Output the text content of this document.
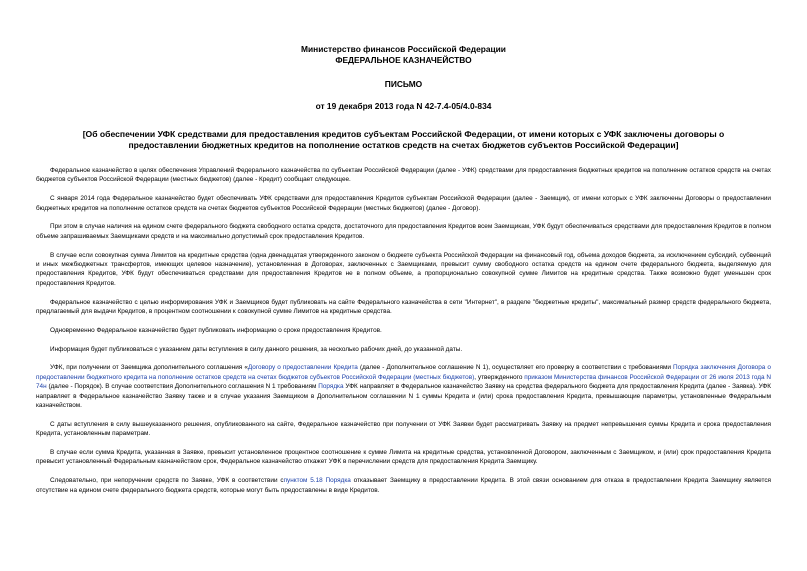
Министерство финансов Российской Федерации
ФЕДЕРАЛЬНОЕ КАЗНАЧЕЙСТВО
ПИСЬМО
от 19 декабря 2013 года N 42-7.4-05/4.0-834
[Об обеспечении УФК средствами для предоставления кредитов субъектам Российской Федерации, от имени которых с УФК заключены договоры о предоставлении бюджетных кредитов на пополнение остатков средств на счетах бюджетов субъектов Российской Федерации]

Федеральное казначейство в целях обеспечения Управлений Федерального казначейства по субъектам Российской Федерации (далее - УФК) средствами для предоставления бюджетных кредитов на пополнение остатков средств на счетах бюджетов субъектов Российской Федерации (местных бюджетов) (далее - Кредит) сообщает следующее.

С января 2014 года Федеральное казначейство будет обеспечивать УФК средствами для предоставления Кредитов субъектам Российской Федерации (далее - Заемщик), от имени которых с УФК заключены Договоры о предоставлении бюджетных кредитов на пополнение остатков средств на счетах бюджетов субъектов Российской Федерации (местных бюджетов) (далее - Договор).

При этом в случае наличия на едином счете федерального бюджета свободного остатка средств, достаточного для предоставления Кредитов всем Заемщикам, УФК будут обеспечиваться средствами для предоставления Кредитов в полном объеме запрашиваемых Заемщиками средств и на максимально допустимый срок предоставления Кредитов.

В случае если совокупная сумма Лимитов на кредитные средства (одна двенадцатая утвержденного законом о бюджете субъекта Российской Федерации на финансовый год, объема доходов бюджета, за исключением субсидий, субвенций и иных межбюджетных трансфертов, имеющих целевое назначение), установленная в Договорах, заключенных с Заемщиками, превысит сумму свободного остатка средств на едином счете федерального бюджета, выделяемую для предоставления Кредитов, УФК будут обеспечиваться средствами для предоставления Кредитов не в полном объеме, а пропорционально совокупной сумме Лимитов на кредитные средства. Также возможно будет уменьшен срок предоставления Кредитов.

Федеральное казначейство с целью информирования УФК и Заемщиков будет публиковать на сайте Федерального казначейства в сети "Интернет", в разделе "бюджетные кредиты", максимальный размер средств федерального бюджета, предлагаемый для выдачи Кредитов, в процентном соотношении к совокупной сумме Лимитов на кредитные средства.

Одновременно Федеральное казначейство будет публиковать информацию о сроке предоставления Кредитов.

Информация будет публиковаться с указанием даты вступления в силу данного решения, за несколько рабочих дней, до указанной даты.

УФК, при получении от Заемщика дополнительного соглашения «Договору о предоставлении Кредита (далее - Дополнительное соглашение N 1), осуществляет его проверку в соответствии с требованиями Порядка заключения Договора о предоставлении бюджетного кредита на пополнение остатков средств на счетах бюджетов субъектов Российской Федерации (местных бюджетов), утвержденного приказом Министерства финансов Российской Федерации от 26 июля 2013 года N 74н (далее - Порядок). В случае соответствия Дополнительного соглашения N 1 требованиям Порядка УФК направляет в Федеральное казначейство Заявку на средства федерального бюджета для предоставления Кредита (далее - Заявка). УФК направляет в Федеральное казначейство Заявку также и в случае указания Заемщиком в Дополнительном соглашении N 1 суммы Кредита и (или) срока предоставления Кредита, превышающие параметры, установленные Федеральным казначейством.

С даты вступления в силу вышеуказанного решения, опубликованного на сайте, Федеральное казначейство при получении от УФК Заявки будет рассматривать Заявку на предмет непревышения суммы Кредита и срока предоставления Кредита, установленным параметрам.

В случае если сумма Кредита, указанная в Заявке, превысит установленное процентное соотношение к сумме Лимита на кредитные средства, установленной Договором, заключенным с Заемщиком, и (или) срок предоставления Кредита превысит установленный Федеральным казначейством срок, Федеральное казначейство откажет УФК в перечислении средств для предоставления Кредита Заемщику.

Следовательно, при непоручении средств по Заявке, УФК в соответствии спунктом 5.18 Порядка отказывает Заемщику в предоставлении Кредита. В этой связи основанием для отказа в предоставлении Кредита Заемщику является отсутствие на едином счете федерального бюджета средств, которые могут быть предоставлены в виде Кредитов.
